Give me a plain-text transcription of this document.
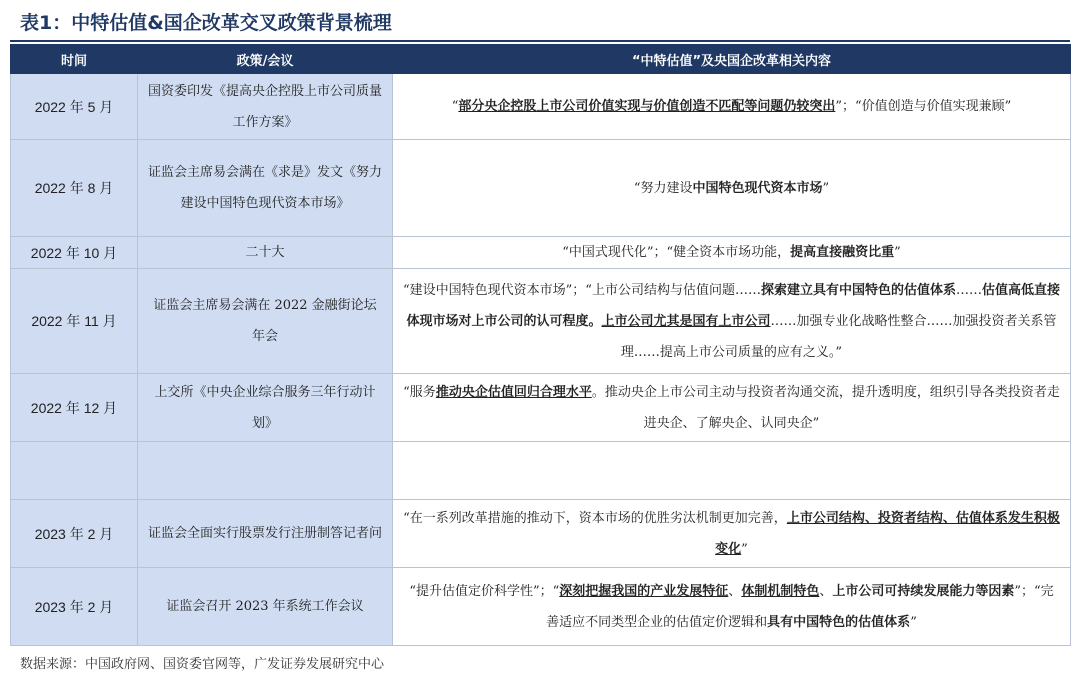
表1：中特估值&国企改革交叉政策背景梳理
时间	政策/会议	“中特估值”及央国企改革相关内容
2022 年 5 月	国资委印发《提高央企控股上市公司质量工作方案》	“部分央企控股上市公司价值实现与价值创造不匹配等问题仍较突出”；“价值创造与价值实现兼顾”
2022 年 8 月	证监会主席易会满在《求是》发文《努力建设中国特色现代资本市场》	“努力建设中国特色现代资本市场”
2022 年 10 月	二十大	“中国式现代化”；“健全资本市场功能，提高直接融资比重”
2022 年 11 月	证监会主席易会满在 2022 金融街论坛年会	“建设中国特色现代资本市场”；“上市公司结构与估值问题……探索建立具有中国特色的估值体系……估值高低直接体现市场对上市公司的认可程度。上市公司尤其是国有上市公司……加强专业化战略性整合……加强投资者关系管理……提高上市公司质量的应有之义。”
2022 年 12 月	上交所《中央企业综合服务三年行动计划》	“服务推动央企估值回归合理水平。推动央企上市公司主动与投资者沟通交流，提升透明度，组织引导各类投资者走进央企、了解央企、认同央企”

2023 年 2 月	证监会全面实行股票发行注册制答记者问	“在一系列改革措施的推动下，资本市场的优胜劣汰机制更加完善，上市公司结构、投资者结构、估值体系发生积极变化”
2023 年 2 月	证监会召开 2023 年系统工作会议	“提升估值定价科学性”；“深刻把握我国的产业发展特征、体制机制特色、上市公司可持续发展能力等因素”；“完善适应不同类型企业的估值定价逻辑和具有中国特色的估值体系”
数据来源：中国政府网、国资委官网等，广发证券发展研究中心
